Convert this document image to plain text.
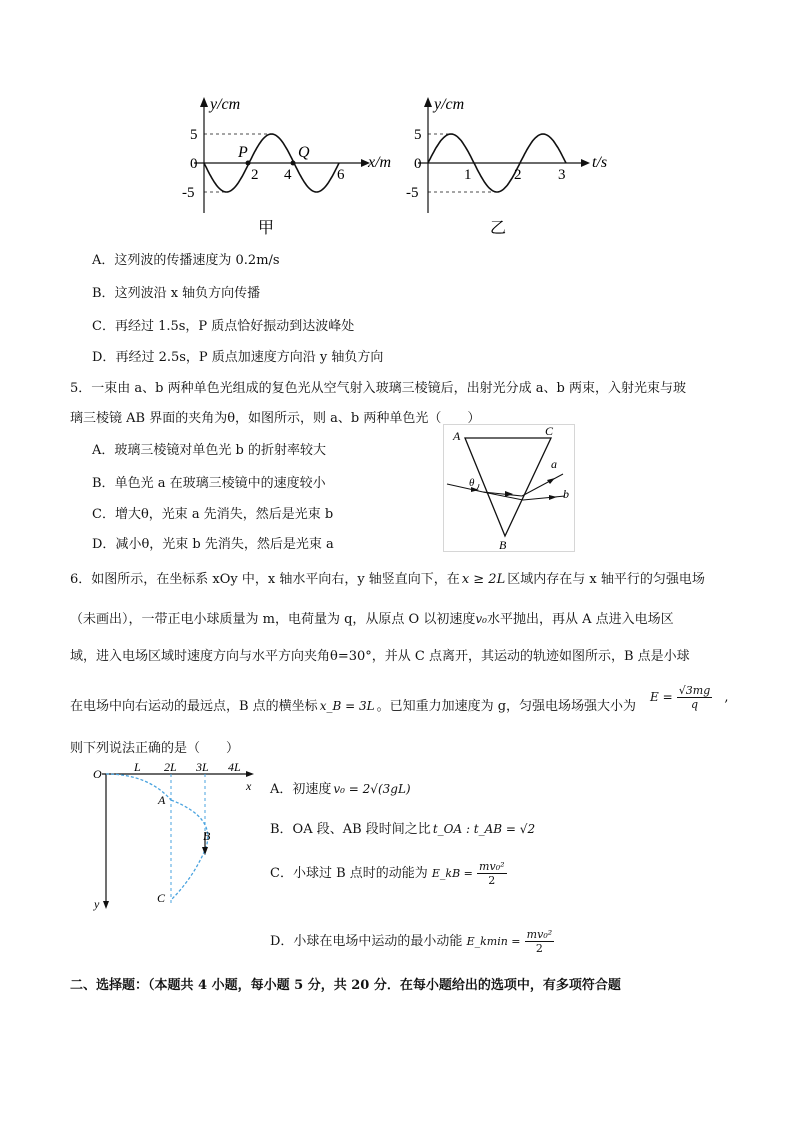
y/cm
5
0
-5
2 4	6
P	Q
x/m
甲
y/cm
5
0
-5
1	2 3
t/s
乙
A．这列波的传播速度为 0.2m/s
B．这列波沿 x 轴负方向传播
C．再经过 1.5s，P 质点恰好振动到达波峰处
D．再经过 2.5s，P 质点加速度方向沿 y 轴负方向
5．一束由 a、b 两种单色光组成的复色光从空气射入玻璃三棱镜后，出射光分成 a、b 两束，入射光束与玻
璃三棱镜 AB 界面的夹角为θ，如图所示，则 a、b 两种单色光（　　）
A．玻璃三棱镜对单色光 b 的折射率较大
B．单色光 a 在玻璃三棱镜中的速度较小
C．增大θ，光束 a 先消失，然后是光束 b
D．减小θ，光束 b 先消失，然后是光束 a
A	C
B
a
b
θ
6．如图所示，在坐标系 xOy 中，x 轴水平向右，y 轴竖直向下，在 x ≥ 2L 区域内存在与 x 轴平行的匀强电场
（未画出），一带正电小球质量为 m，电荷量为 q，从原点 O 以初速度v₀水平抛出，再从 A 点进入电场区
域，进入电场区域时速度方向与水平方向夹角θ=30°，并从 C 点离开，其运动的轨迹如图所示，B 点是小球
在电场中向右运动的最远点，B 点的横坐标 x_B = 3L 。已知重力加速度为 g，匀强电场场强大小为
$E = \frac{√3mg}{q}$ ,
则下列说法正确的是（　　）
O	L 2L 3L 4L
x
y
A
B
C
A．初速度 v₀ = 2√(3gL)
B．OA 段、AB 段时间之比 t_OA : t_AB = √2
C．小球过 B 点时的动能为 E_kB = $\frac{\text{mv₀²}}{2}$
D．小球在电场中运动的最小动能 E_kmin = $\frac{\text{mv₀²}}{2}$
二、选择题：（本题共 4 小题，每小题 5 分，共 20 分．在每小题给出的选项中，有多项符合题
